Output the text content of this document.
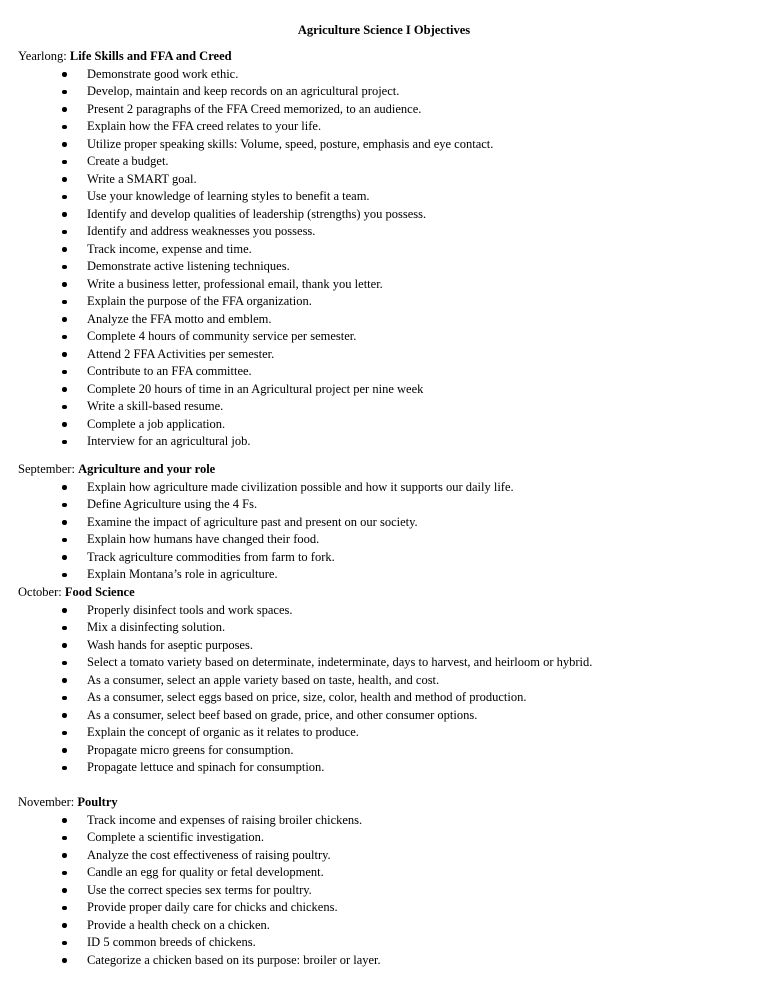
Agriculture Science I Objectives
Yearlong: Life Skills and FFA and Creed
Demonstrate good work ethic.
Develop, maintain and keep records on an agricultural project.
Present 2 paragraphs of the FFA Creed memorized, to an audience.
Explain how the FFA creed relates to your life.
Utilize proper speaking skills: Volume, speed, posture, emphasis and eye contact.
Create a budget.
Write a SMART goal.
Use your knowledge of learning styles to benefit a team.
Identify and develop qualities of leadership (strengths) you possess.
Identify and address weaknesses you possess.
Track income, expense and time.
Demonstrate active listening techniques.
Write a business letter, professional email, thank you letter.
Explain the purpose of the FFA organization.
Analyze the FFA motto and emblem.
Complete 4 hours of community service per semester.
Attend 2 FFA Activities per semester.
Contribute to an FFA committee.
Complete 20 hours of time in an Agricultural project per nine week
Write a skill-based resume.
Complete a job application.
Interview for an agricultural job.
September: Agriculture and your role
Explain how agriculture made civilization possible and how it supports our daily life.
Define Agriculture using the 4 Fs.
Examine the impact of agriculture past and present on our society.
Explain how humans have changed their food.
Track agriculture commodities from farm to fork.
Explain Montana’s role in agriculture.
October: Food Science
Properly disinfect tools and work spaces.
Mix a disinfecting solution.
Wash hands for aseptic purposes.
Select a tomato variety based on determinate, indeterminate, days to harvest, and heirloom or hybrid.
As a consumer, select an apple variety based on taste, health, and cost.
As a consumer, select eggs based on price, size, color, health and method of production.
As a consumer, select beef based on grade, price, and other consumer options.
Explain the concept of organic as it relates to produce.
Propagate micro greens for consumption.
Propagate lettuce and spinach for consumption.
November: Poultry
Track income and expenses of raising broiler chickens.
Complete a scientific investigation.
Analyze the cost effectiveness of raising poultry.
Candle an egg for quality or fetal development.
Use the correct species sex terms for poultry.
Provide proper daily care for chicks and chickens.
Provide a health check on a chicken.
ID 5 common breeds of chickens.
Categorize a chicken based on its purpose: broiler or layer.
